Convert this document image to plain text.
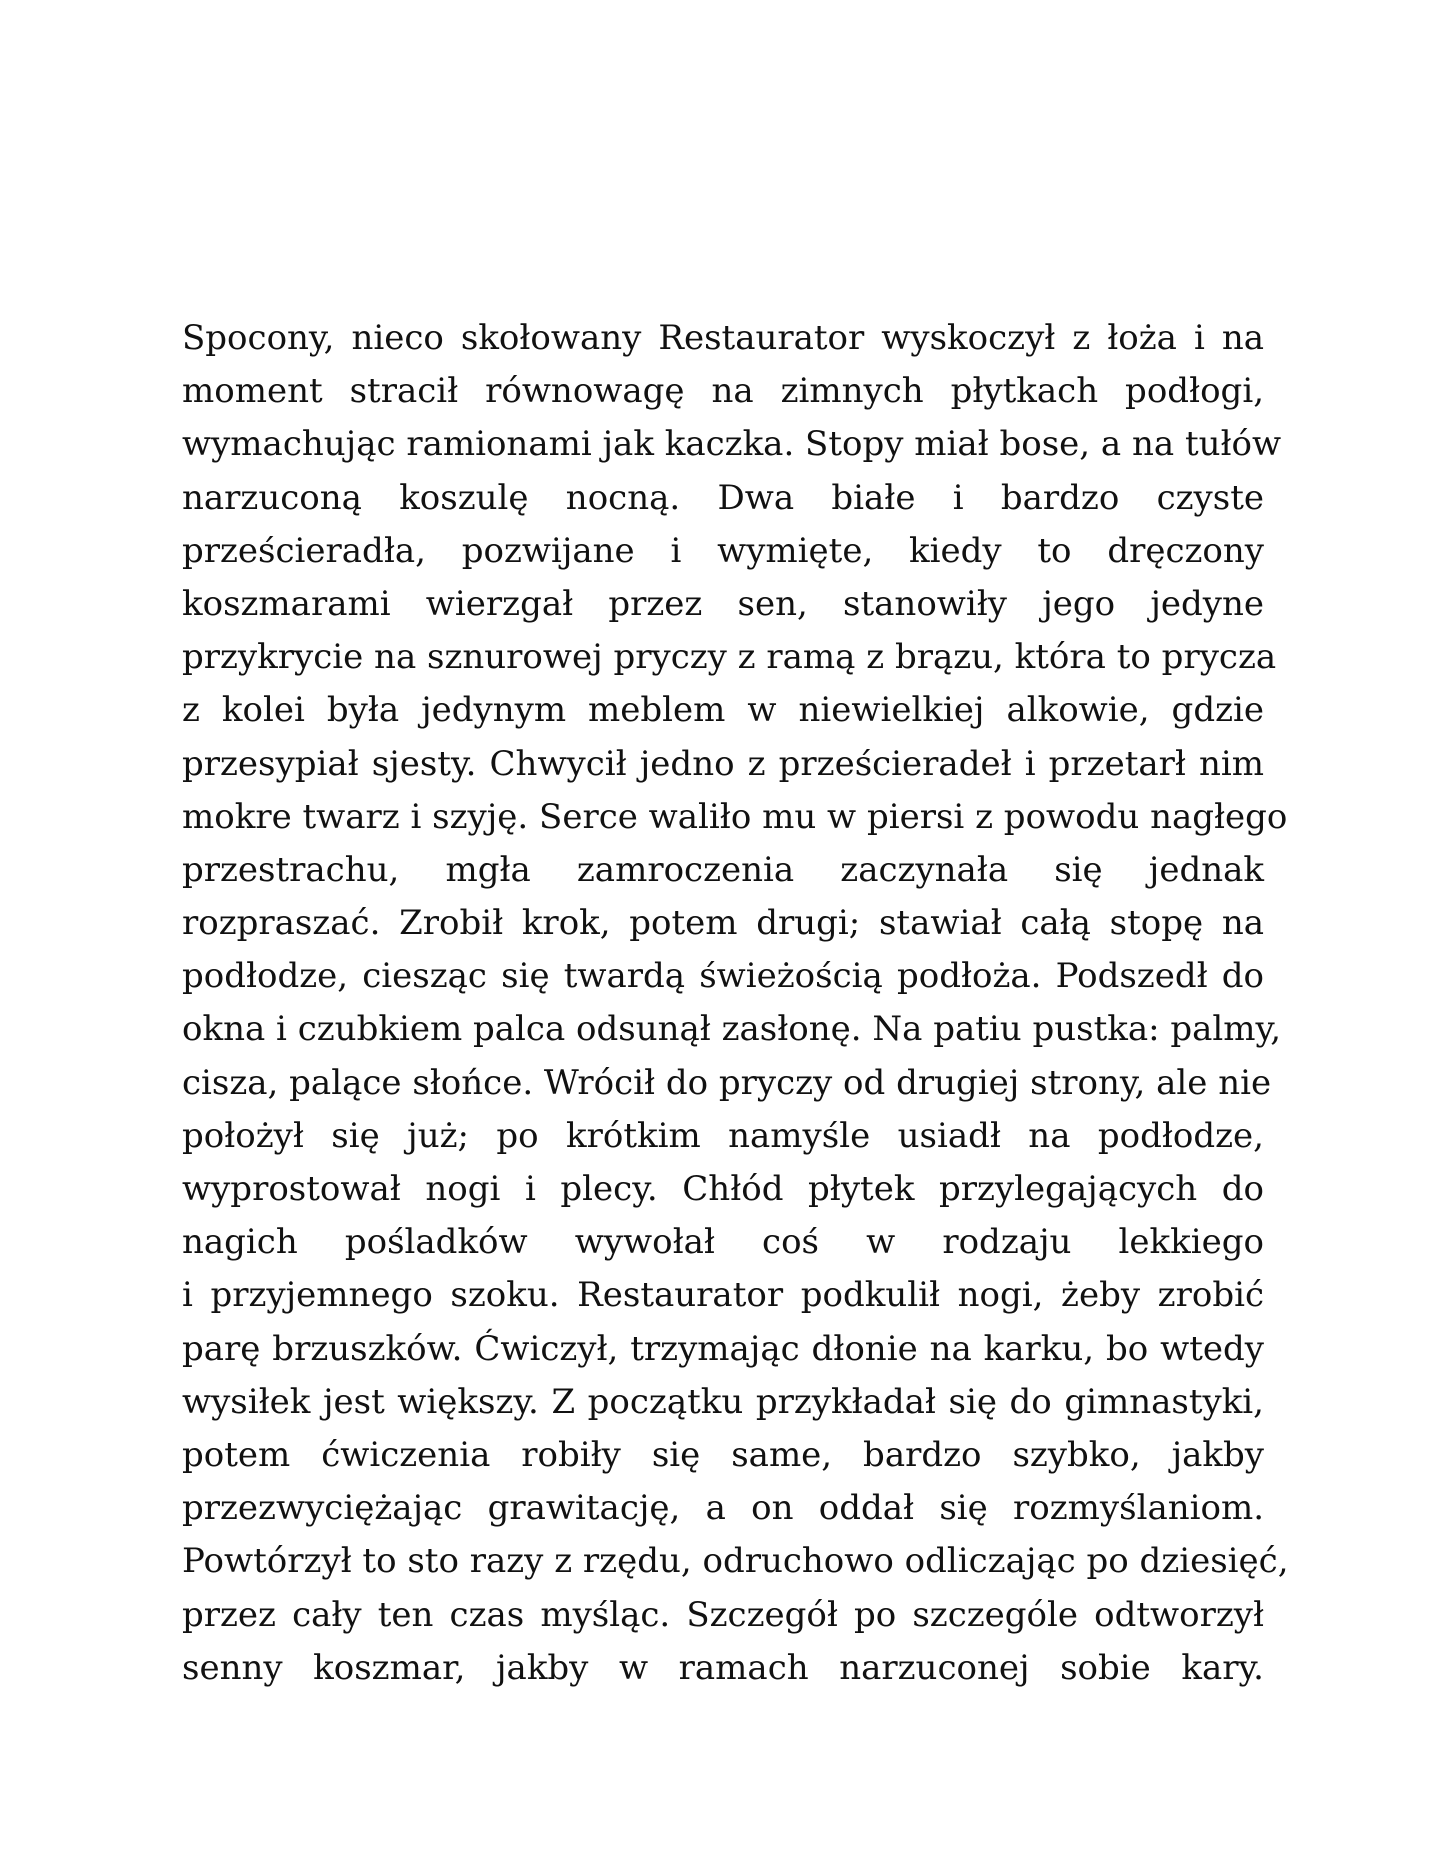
Spocony, nieco skołowany Restaurator wyskoczył z łoża i na
moment stracił równowagę na zimnych płytkach podłogi,
wymachując ramionami jak kaczka. Stopy miał bose, a na tułów
narzuconą koszulę nocną. Dwa białe i bardzo czyste
prześcieradła, pozwijane i wymięte, kiedy to dręczony
koszmarami wierzgał przez sen, stanowiły jego jedyne
przykrycie na sznurowej pryczy z ramą z brązu, która to prycza
z kolei była jedynym meblem w niewielkiej alkowie, gdzie
przesypiał sjesty. Chwycił jedno z prześcieradeł i przetarł nim
mokre twarz i szyję. Serce waliło mu w piersi z powodu nagłego
przestrachu, mgła zamroczenia zaczynała się jednak
rozpraszać. Zrobił krok, potem drugi; stawiał całą stopę na
podłodze, ciesząc się twardą świeżością podłoża. Podszedł do
okna i czubkiem palca odsunął zasłonę. Na patiu pustka: palmy,
cisza, palące słońce. Wrócił do pryczy od drugiej strony, ale nie
położył się już; po krótkim namyśle usiadł na podłodze,
wyprostował nogi i plecy. Chłód płytek przylegających do
nagich pośladków wywołał coś w rodzaju lekkiego
i przyjemnego szoku. Restaurator podkulił nogi, żeby zrobić
parę brzuszków. Ćwiczył, trzymając dłonie na karku, bo wtedy
wysiłek jest większy. Z początku przykładał się do gimnastyki,
potem ćwiczenia robiły się same, bardzo szybko, jakby
przezwyciężając grawitację, a on oddał się rozmyślaniom.
Powtórzył to sto razy z rzędu, odruchowo odliczając po dziesięć,
przez cały ten czas myśląc. Szczegół po szczególe odtworzył
senny koszmar, jakby w ramach narzuconej sobie kary.
